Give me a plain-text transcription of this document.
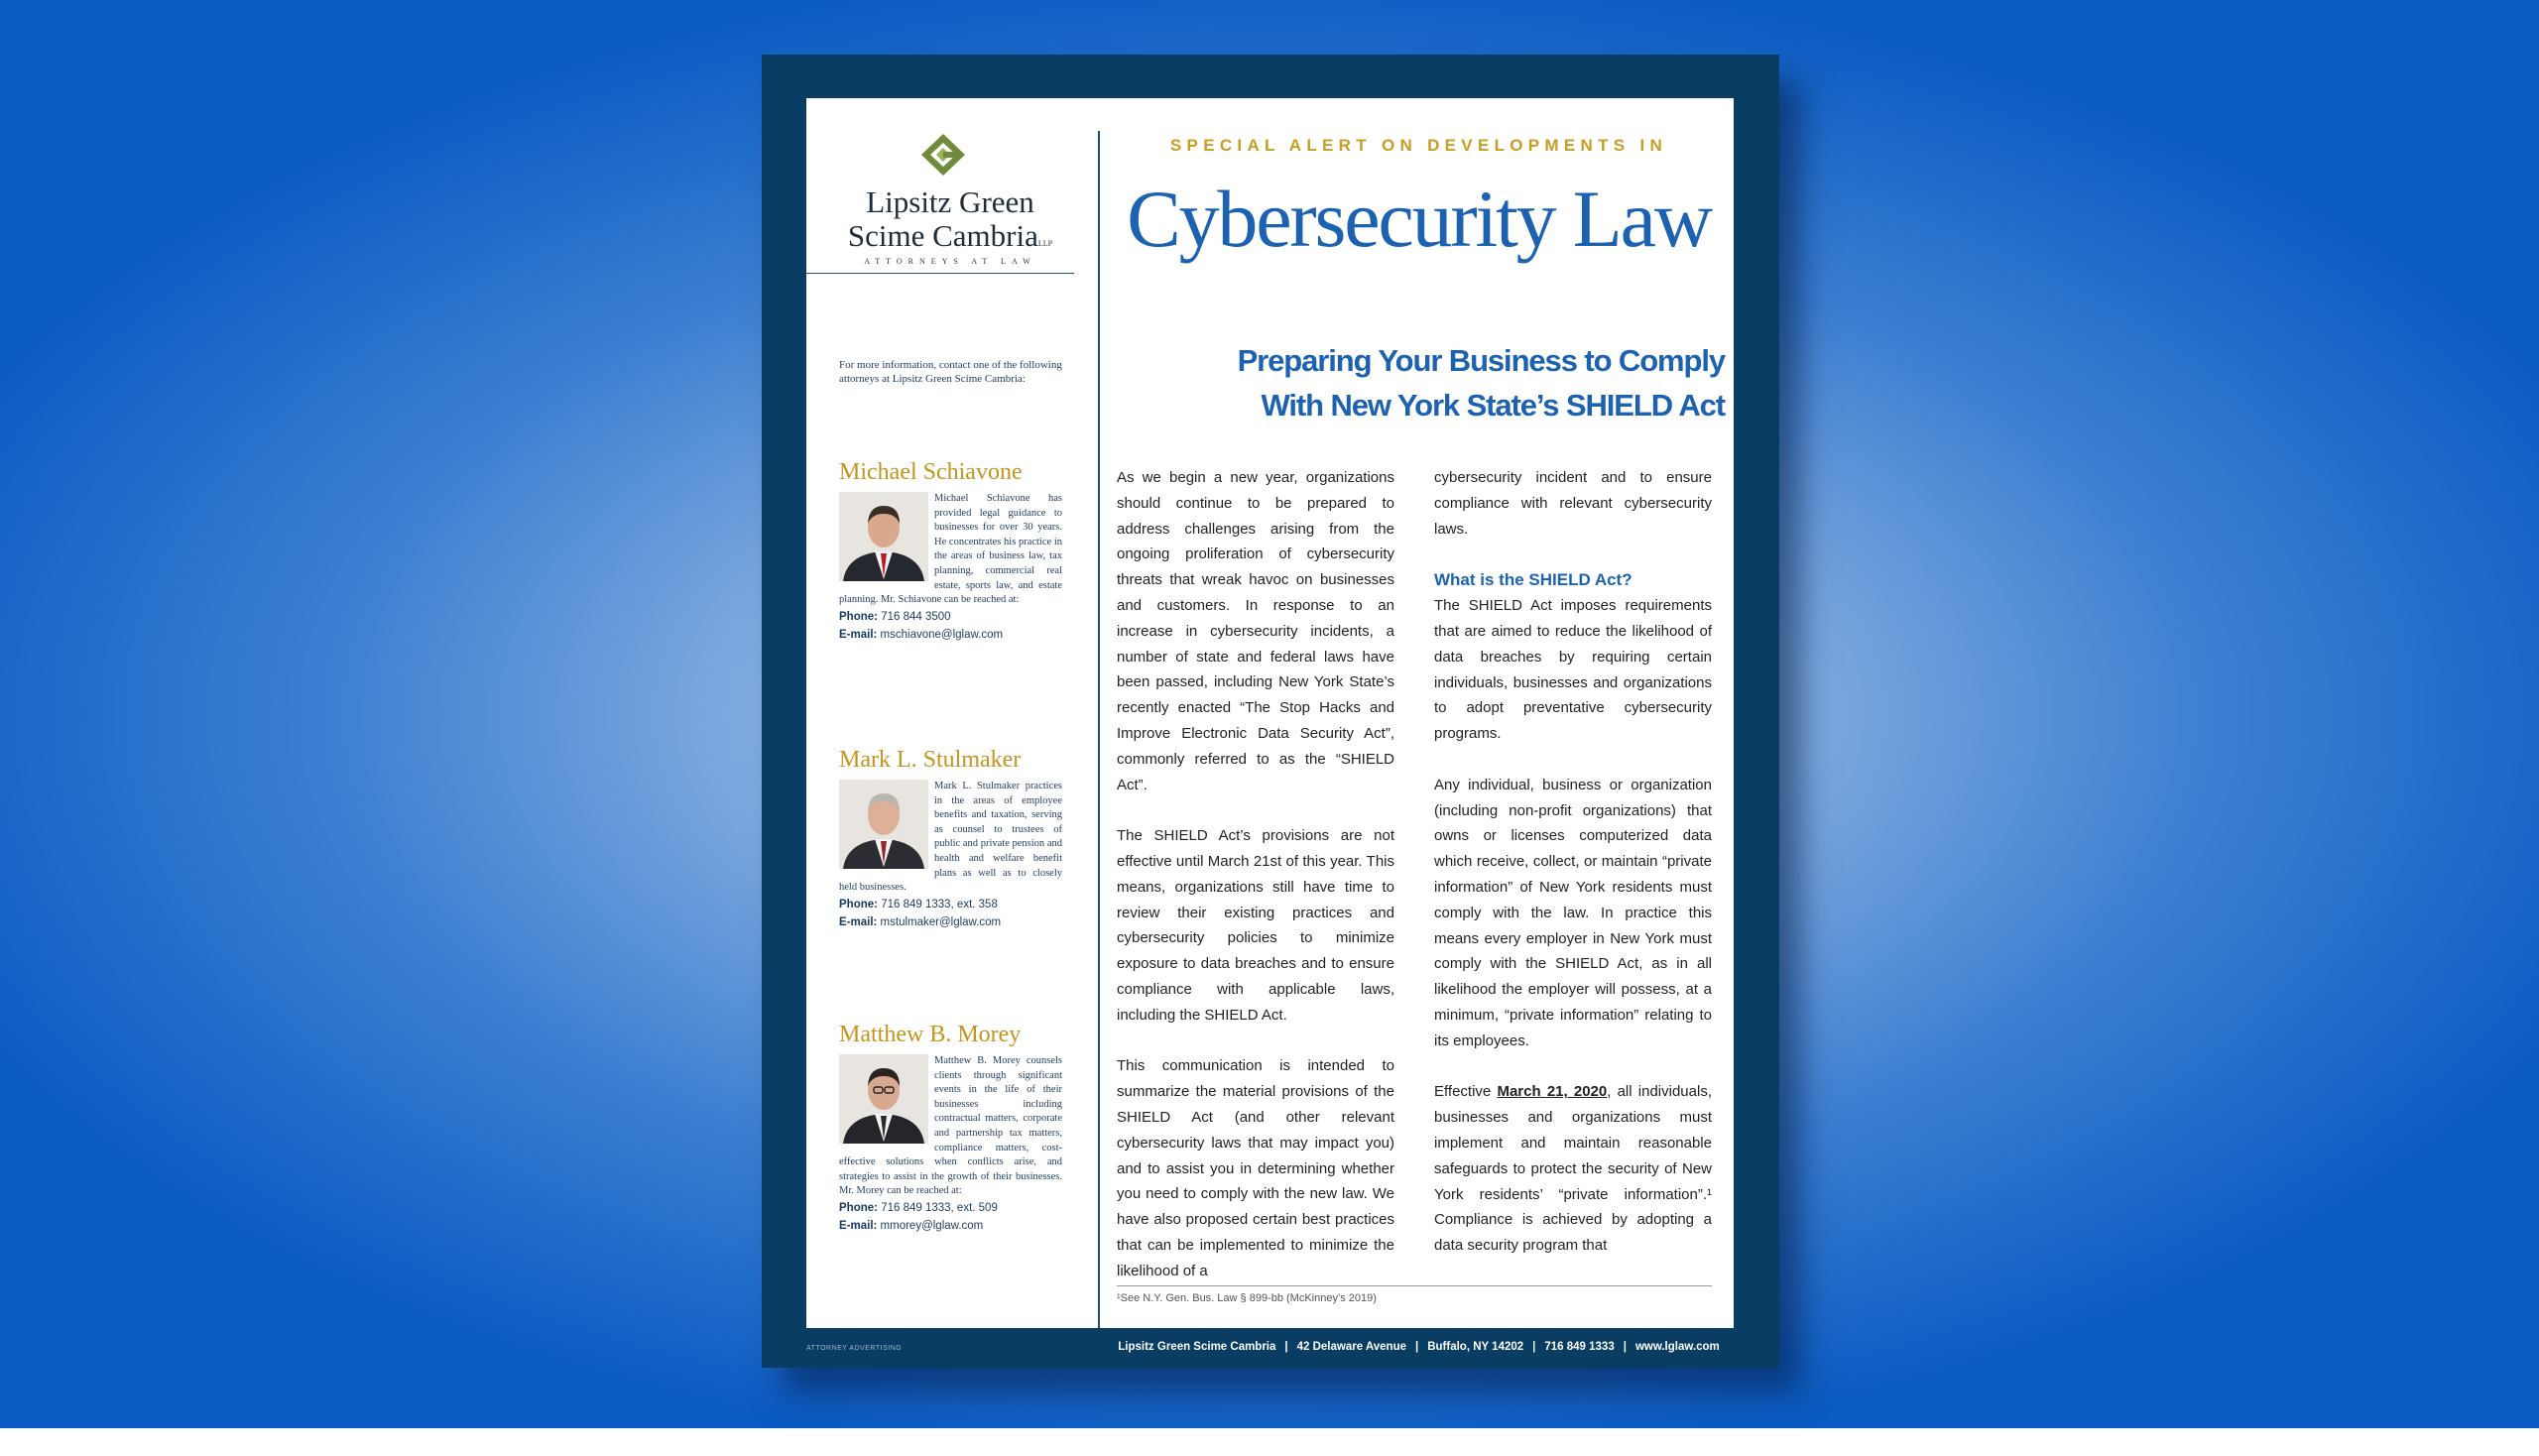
Lipsitz Green
Scime CambriaLLP
ATTORNEYS AT LAW
For more information, contact one of the following attorneys at Lipsitz Green Scime Cambria:
Michael Schiavone
Michael Schiavone has provided legal guidance to businesses for over 30 years. He concentrates his practice in the areas of business law, tax planning, commercial real estate, sports law, and estate planning. Mr. Schiavone can be reached at:
Phone: 716 844 3500
E-mail: mschiavone@lglaw.com
Mark L. Stulmaker
Mark L. Stulmaker practices in the areas of employee benefits and taxation, serving as counsel to trustees of public and private pension and health and welfare benefit plans as well as to closely held businesses.
Phone: 716 849 1333, ext. 358
E-mail: mstulmaker@lglaw.com
Matthew B. Morey
Matthew B. Morey counsels clients through significant events in the life of their businesses including contractual matters, corporate and partnership tax matters, compliance matters, cost-effective solutions when conflicts arise, and strategies to assist in the growth of their businesses. Mr. Morey can be reached at:
Phone: 716 849 1333, ext. 509
E-mail: mmorey@lglaw.com
SPECIAL ALERT ON DEVELOPMENTS IN
Cybersecurity Law
Preparing Your Business to Comply
With New York State’s SHIELD Act

As we begin a new year, organizations should continue to be prepared to address challenges arising from the ongoing proliferation of cybersecurity threats that wreak havoc on businesses and customers. In response to an increase in cybersecurity incidents, a number of state and federal laws have been passed, including New York State’s recently enacted “The Stop Hacks and Improve Electronic Data Security Act”, commonly referred to as the “SHIELD Act”.

The SHIELD Act’s provisions are not effective until March 21st of this year. This means, organizations still have time to review their existing practices and cybersecurity policies to minimize exposure to data breaches and to ensure compliance with applicable laws, including the SHIELD Act.

This communication is intended to summarize the material provisions of the SHIELD Act (and other relevant cybersecurity laws that may impact you) and to assist you in determining whether you need to comply with the new law. We have also proposed certain best practices that can be implemented to minimize the likelihood of a

cybersecurity incident and to ensure compliance with relevant cybersecurity laws.

What is the SHIELD Act?

The SHIELD Act imposes requirements that are aimed to reduce the likelihood of data breaches by requiring certain individuals, businesses and organizations to adopt preventative cybersecurity programs.

Any individual, business or organization (including non-profit organizations) that owns or licenses computerized data which receive, collect, or maintain “private information” of New York residents must comply with the law. In practice this means every employer in New York must comply with the SHIELD Act, as in all likelihood the employer will possess, at a minimum, “private information” relating to its employees.

Effective March 21, 2020, all individuals, businesses and organizations must implement and maintain reasonable safeguards to protect the security of New York residents’ “private information”.¹ Compliance is achieved by adopting a data security program that

¹See N.Y. Gen. Bus. Law § 899-bb (McKinney’s 2019)
ATTORNEY ADVERTISING	Lipsitz Green Scime Cambria | 42 Delaware Avenue | Buffalo, NY 14202 | 716 849 1333 | www.lglaw.com
